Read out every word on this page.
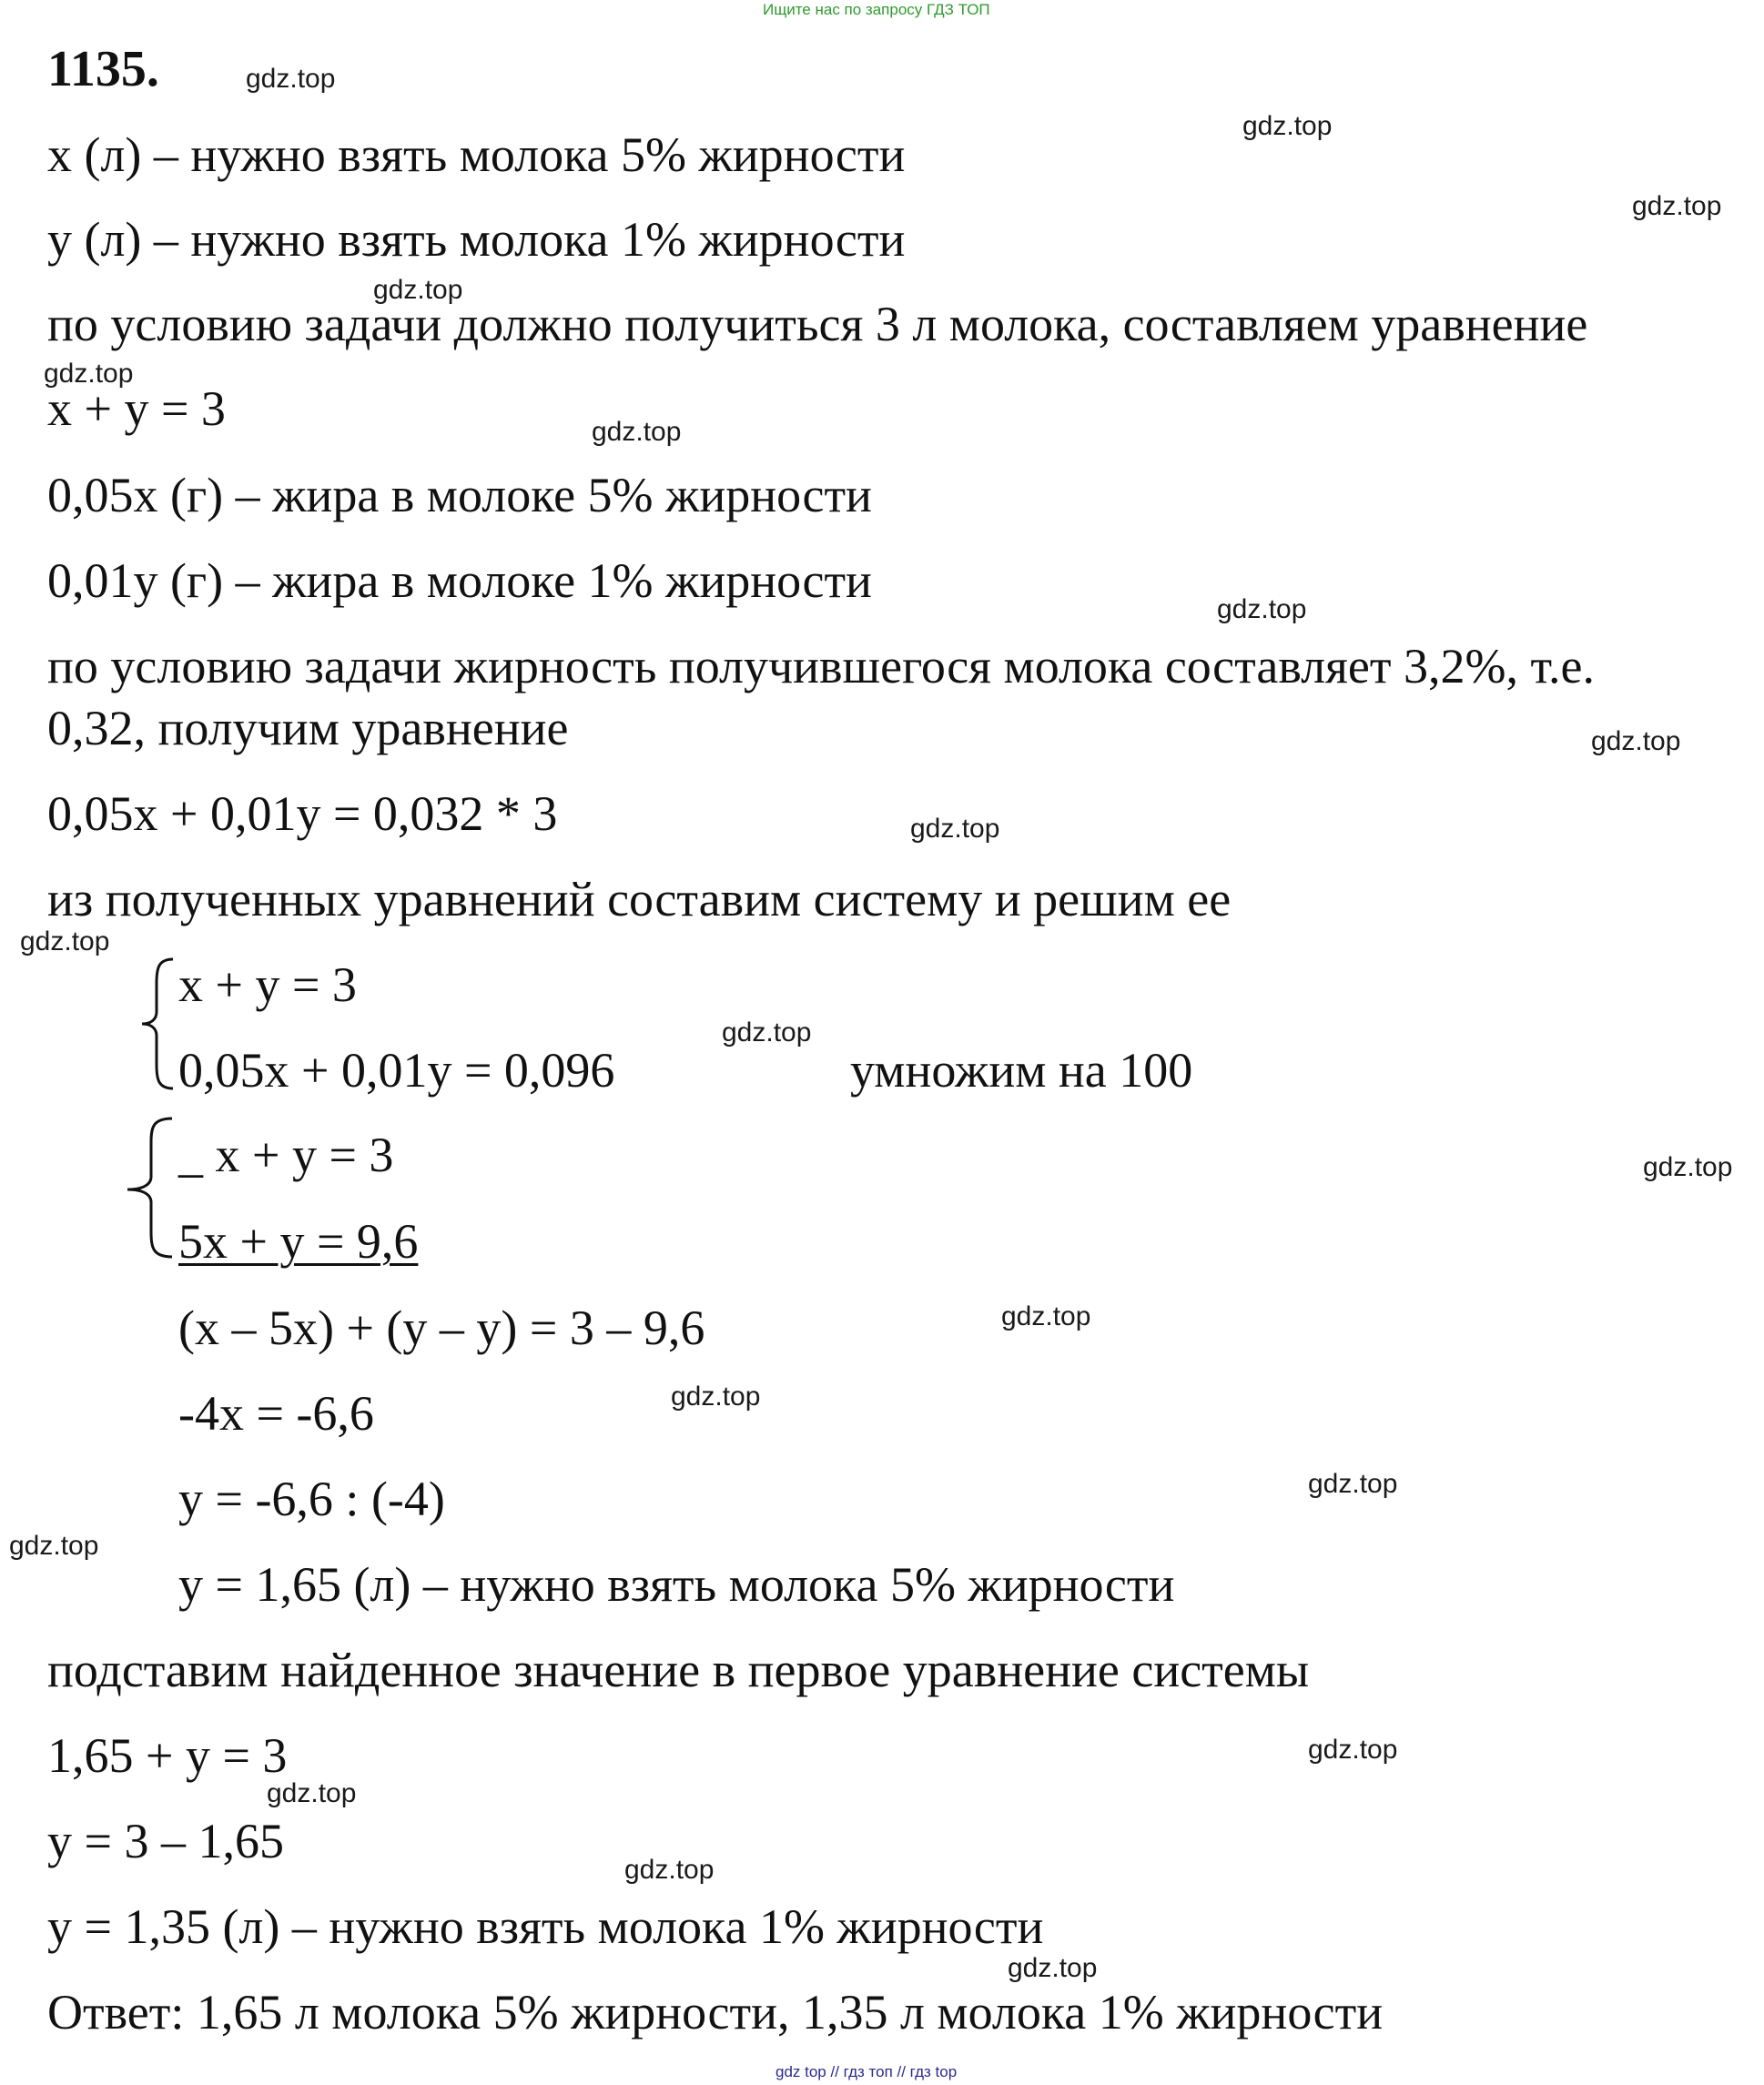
Ищите нас по запросу ГДЗ ТОП
1135.
x (л) – нужно взять молока 5% жирности
y (л) – нужно взять молока 1% жирности
по условию задачи должно получиться 3 л молока, составляем уравнение
x + y = 3
0,05x (г) – жира в молоке 5% жирности
0,01y (г) – жира в молоке 1% жирности
по условию задачи жирность получившегося молока составляет 3,2%, т.е.
0,32, получим уравнение
0,05x + 0,01y = 0,032 * 3
из полученных уравнений составим систему и решим ее
x + y = 3
0,05x + 0,01y = 0,096	умножим на 100
_ x + y = 3
5x + y = 9,6
(x – 5x) + (y – y) = 3 – 9,6
-4x = -6,6
y = -6,6 : (-4)
y = 1,65 (л) – нужно взять молока 5% жирности
подставим найденное значение в первое уравнение системы
1,65 + y = 3
y = 3 – 1,65
y = 1,35 (л) – нужно взять молока 1% жирности
Ответ: 1,65 л молока 5% жирности, 1,35 л молока 1% жирности
gdz.top
gdz.top
gdz.top
gdz.top
gdz.top
gdz.top
gdz.top
gdz.top
gdz.top
gdz.top
gdz.top
gdz.top
gdz.top
gdz.top
gdz.top
gdz.top
gdz.top
gdz.top
gdz.top
gdz.top
gdz top // гдз топ // гдз top
